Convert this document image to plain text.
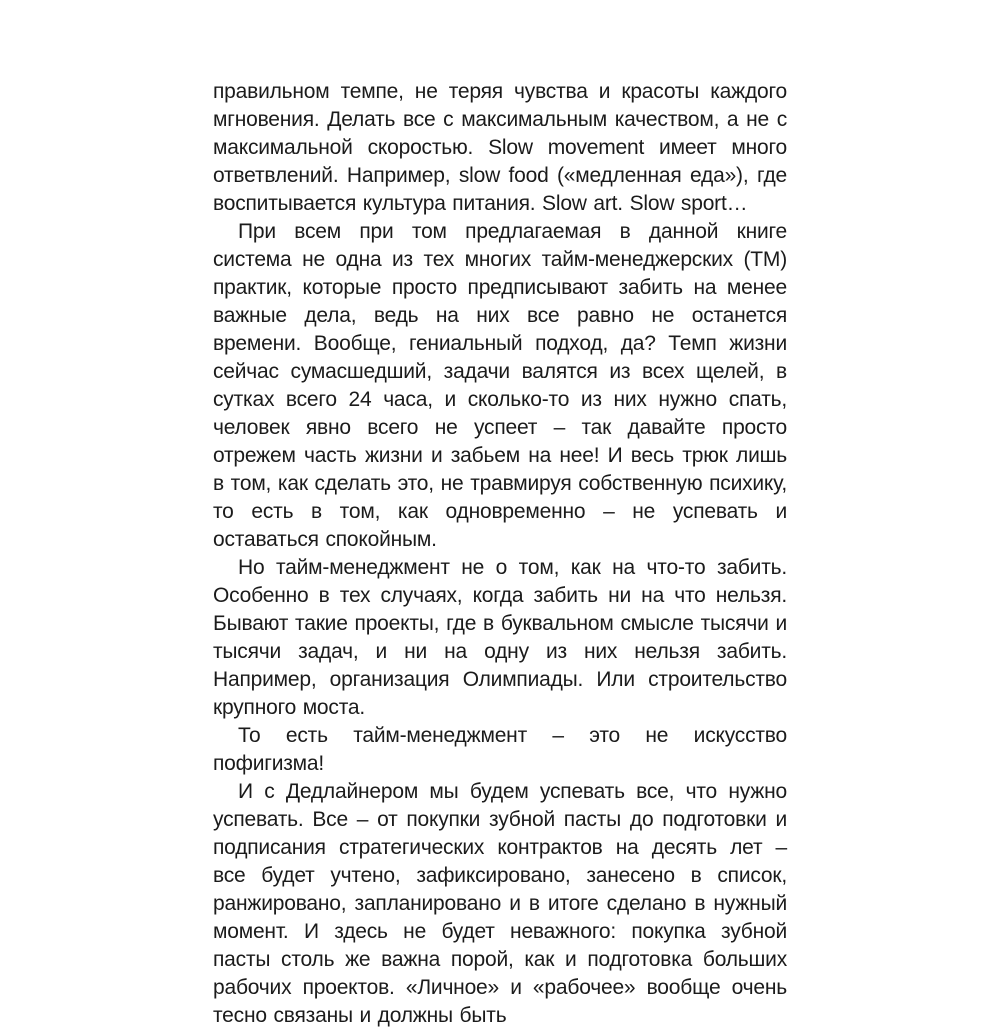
правильном темпе, не теряя чувства и красоты каждого мгновения. Делать все с максимальным качеством, а не с максимальной скоростью. Slow movement имеет много ответвлений. Например, slow food («медленная еда»), где воспитывается культура питания. Slow art. Slow sport…

При всем при том предлагаемая в данной книге система не одна из тех многих тайм-менеджерских (ТМ) практик, которые просто предписывают забить на менее важные дела, ведь на них все равно не останется времени. Вообще, гениальный подход, да? Темп жизни сейчас сумасшедший, задачи валятся из всех щелей, в сутках всего 24 часа, и сколько-то из них нужно спать, человек явно всего не успеет – так давайте просто отрежем часть жизни и забьем на нее! И весь трюк лишь в том, как сделать это, не травмируя собственную психику, то есть в том, как одновременно – не успевать и оставаться спокойным.

Но тайм-менеджмент не о том, как на что-то забить. Особенно в тех случаях, когда забить ни на что нельзя. Бывают такие проекты, где в буквальном смысле тысячи и тысячи задач, и ни на одну из них нельзя забить. Например, организация Олимпиады. Или строительство крупного моста.

То есть тайм-менеджмент – это не искусство пофигизма!

И с Дедлайнером мы будем успевать все, что нужно успевать. Все – от покупки зубной пасты до подготовки и подписания стратегических контрактов на десять лет – все будет учтено, зафиксировано, занесено в список, ранжировано, запланировано и в итоге сделано в нужный момент. И здесь не будет неважного: покупка зубной пасты столь же важна порой, как и подготовка больших рабочих проектов. «Личное» и «рабочее» вообще очень тесно связаны и должны быть
